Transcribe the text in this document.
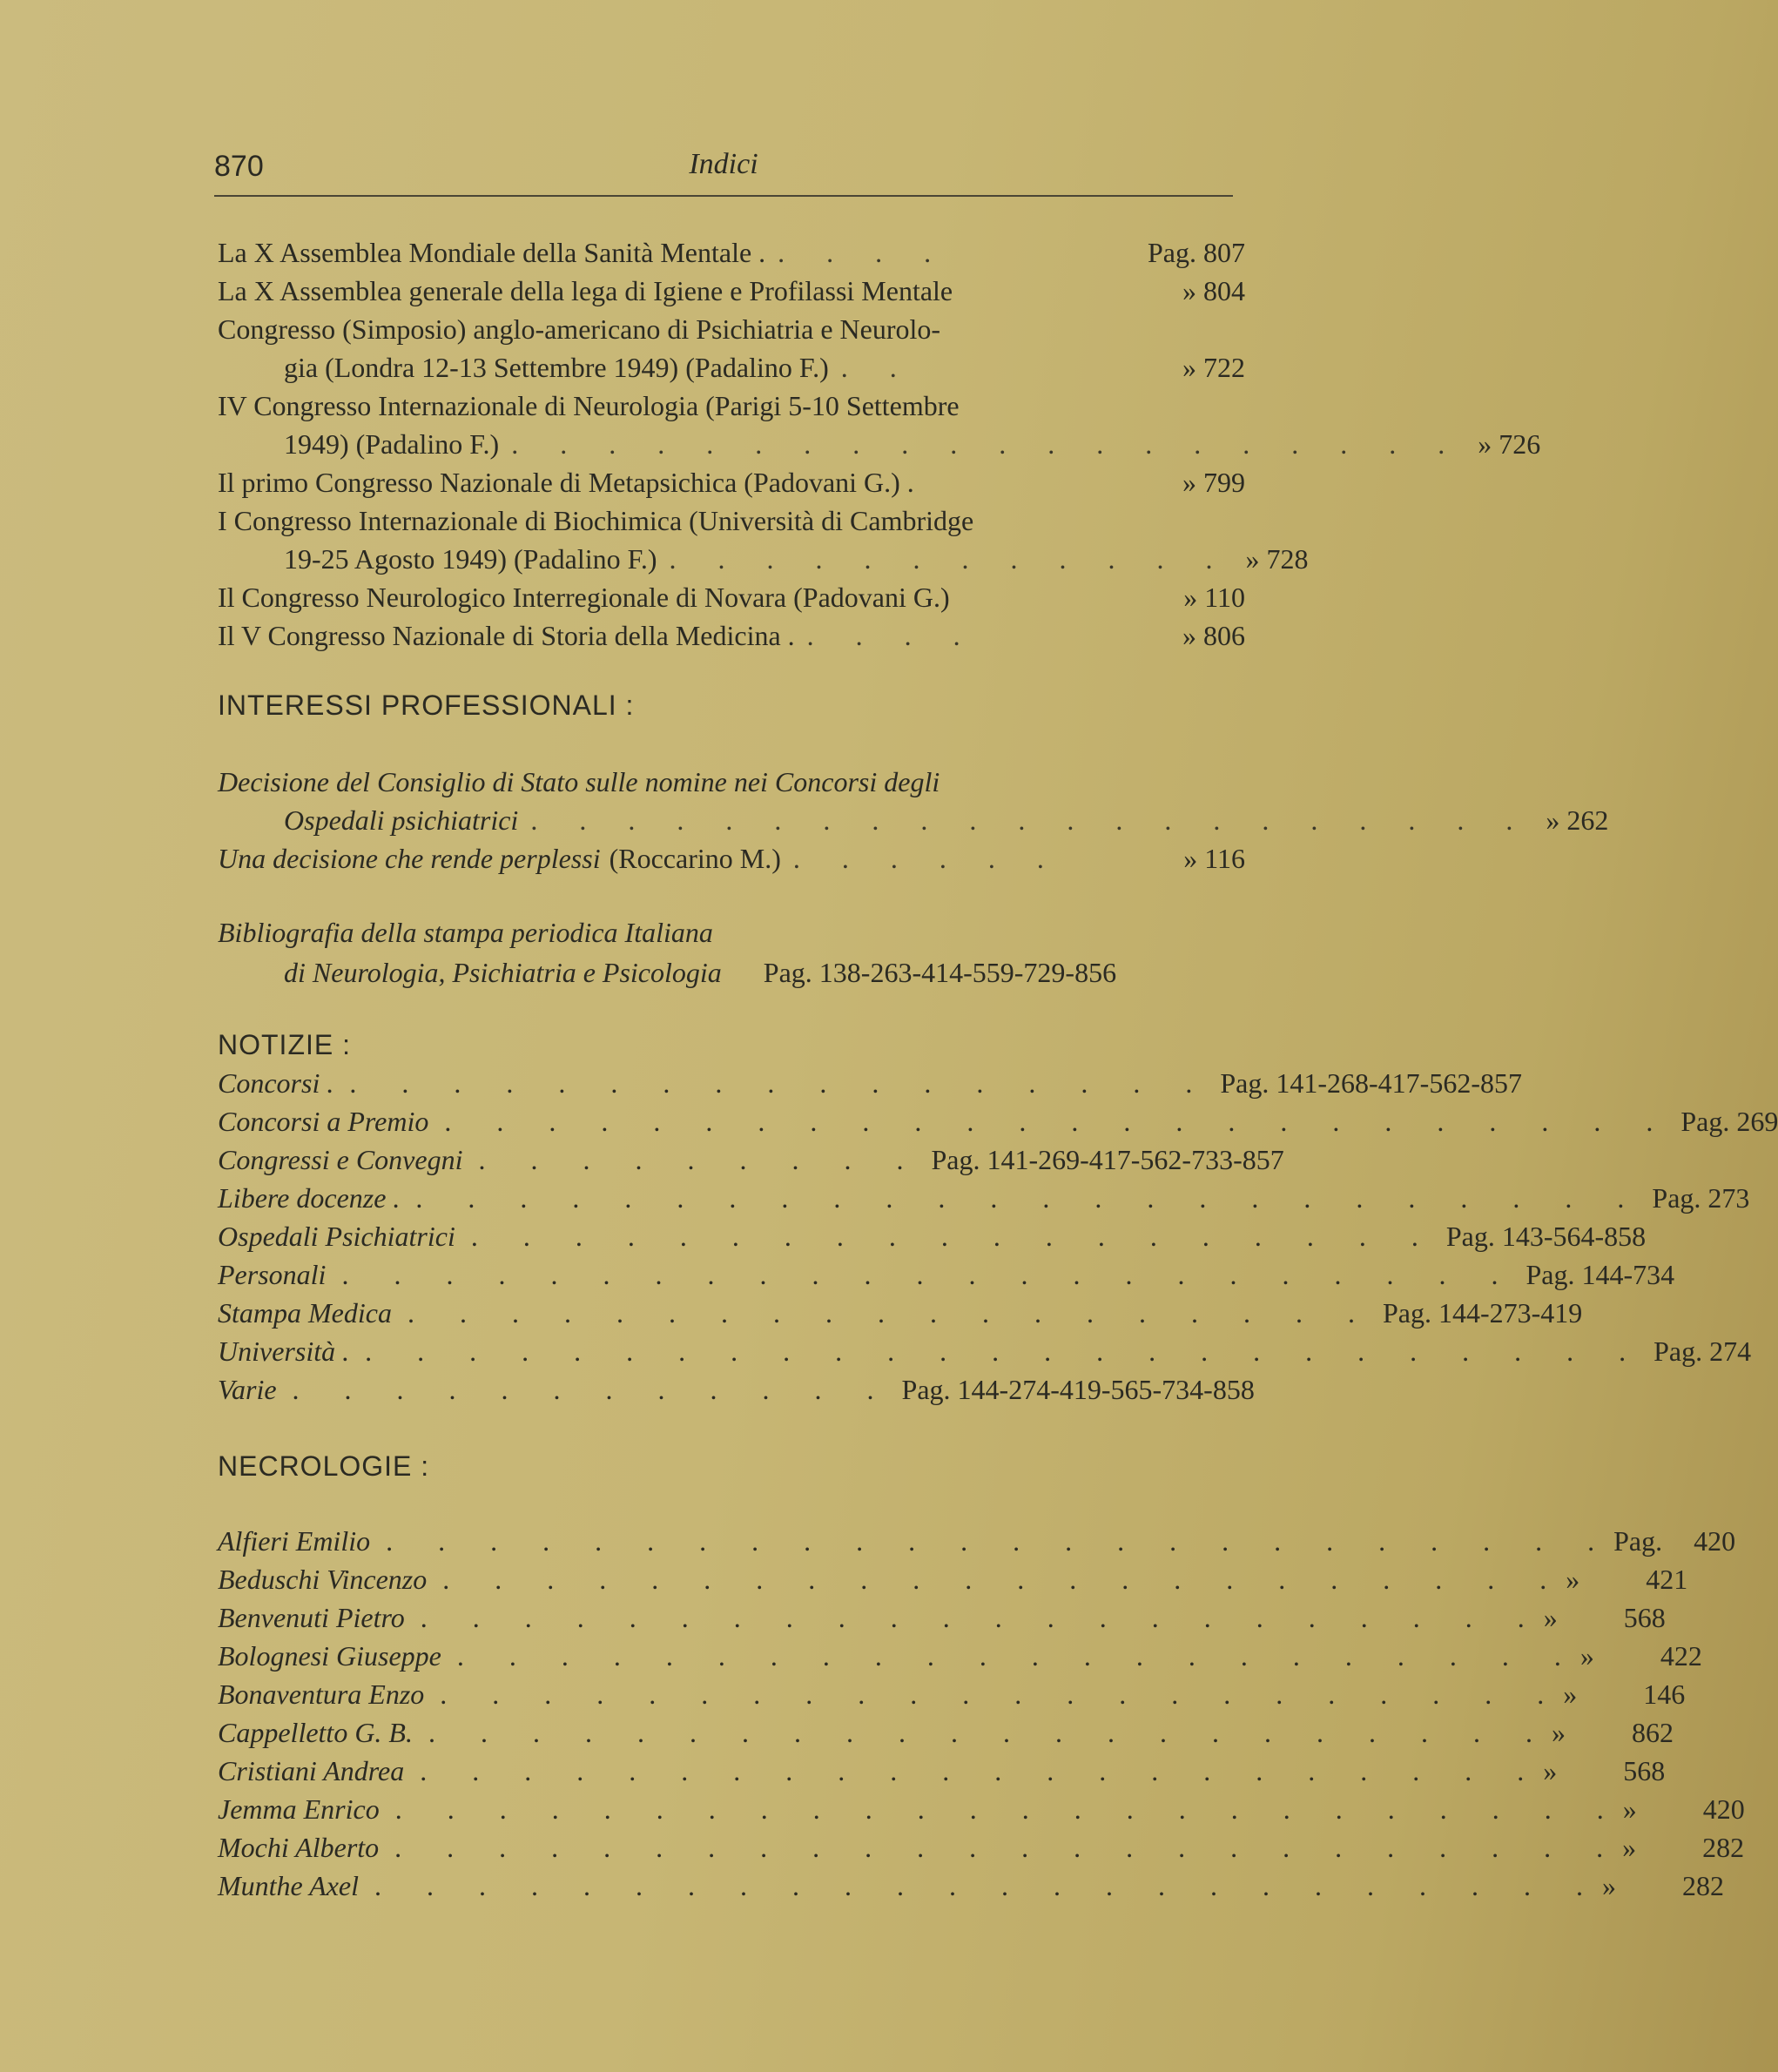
870	Indici
La X Assemblea Mondiale della Sanità Mentale . . . . .	Pag. 807
La X Assemblea generale della lega di Igiene e Profilassi Mentale	» 804
Congresso (Simposio) anglo-americano di Psichiatria e Neurolo-
gia (Londra 12-13 Settembre 1949) (Padalino F.) . .	» 722
IV Congresso Internazionale di Neurologia (Parigi 5-10 Settembre
1949) (Padalino F.) . . . . . . . . . . . . . . . . . . . . » 726
Il primo Congresso Nazionale di Metapsichica (Padovani G.) .	» 799
I Congresso Internazionale di Biochimica (Università di Cambridge
19-25 Agosto 1949) (Padalino F.) . . . . . . . . . . . . » 728
Il Congresso Neurologico Interregionale di Novara (Padovani G.)	» 110
Il V Congresso Nazionale di Storia della Medicina . . . . .	» 806
INTERESSI PROFESSIONALI :
Decisione del Consiglio di Stato sulle nomine nei Concorsi degli
Ospedali psichiatrici . . . . . . . . . . . . . . . . . . . . . » 262
Una decisione che rende perplessi (Roccarino M.) . . . . . .	» 116
Bibliografia della stampa periodica Italiana
di Neurologia, Psichiatria e Psicologia Pag. 138-263-414-559-729-856
NOTIZIE :
Concorsi . . . . . . . . . . . . . . . . . . Pag. 141-268-417-562-857
Concorsi a Premio . . . . . . . . . . . . . . . . . . . . . . . . Pag. 269
Congressi e Convegni . . . . . . . . . Pag. 141-269-417-562-733-857
Libere docenze . . . . . . . . . . . . . . . . . . . . . . . . . Pag. 273
Ospedali Psichiatrici . . . . . . . . . . . . . . . . . . . Pag. 143-564-858
Personali . . . . . . . . . . . . . . . . . . . . . . . Pag. 144-734
Stampa Medica . . . . . . . . . . . . . . . . . . . Pag. 144-273-419
Università . . . . . . . . . . . . . . . . . . . . . . . . . . Pag. 274
Varie . . . . . . . . . . . . Pag. 144-274-419-565-734-858
NECROLOGIE :
Alfieri Emilio . . . . . . . . . . . . . . . . . . . . . . . . Pag. 420
Beduschi Vincenzo . . . . . . . . . . . . . . . . . . . . . . » 421
Benvenuti Pietro . . . . . . . . . . . . . . . . . . . . . . » 568
Bolognesi Giuseppe . . . . . . . . . . . . . . . . . . . . . . » 422
Bonaventura Enzo . . . . . . . . . . . . . . . . . . . . . . » 146
Cappelletto G. B. . . . . . . . . . . . . . . . . . . . . . . » 862
Cristiani Andrea . . . . . . . . . . . . . . . . . . . . . . » 568
Jemma Enrico . . . . . . . . . . . . . . . . . . . . . . . . » 420
Mochi Alberto . . . . . . . . . . . . . . . . . . . . . . . . » 282
Munthe Axel . . . . . . . . . . . . . . . . . . . . . . . . » 282
